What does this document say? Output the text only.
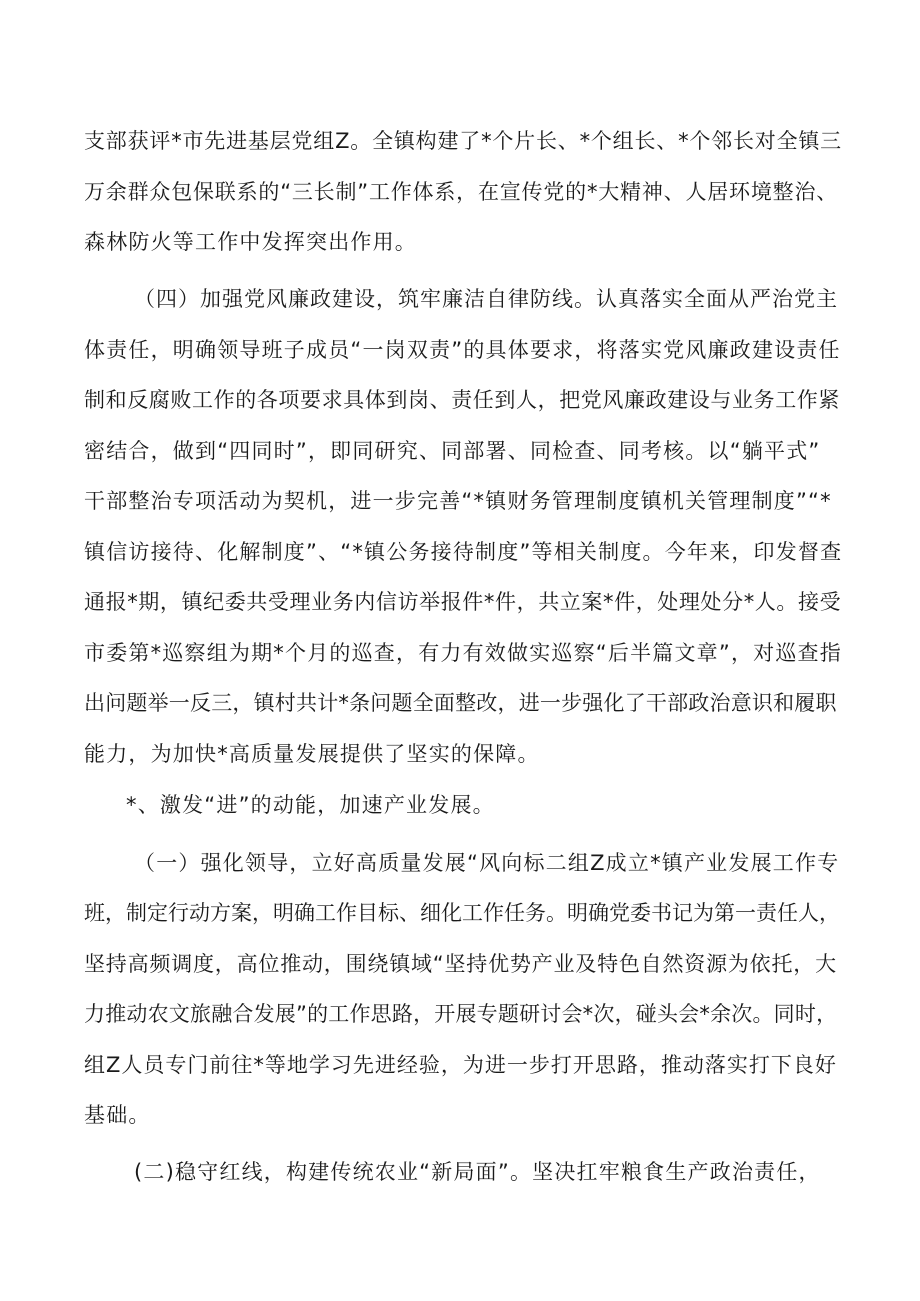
支部获评*市先进基层党组Z。全镇构建了*个片长、*个组长、*个邻长对全镇三
万余群众包保联系的“三长制”工作体系，在宣传党的*大精神、人居环境整治、
森林防火等工作中发挥突出作用。
（四）加强党风廉政建设，筑牢廉洁自律防线。认真落实全面从严治党主
体责任，明确领导班子成员“一岗双责”的具体要求，将落实党风廉政建设责任
制和反腐败工作的各项要求具体到岗、责任到人，把党风廉政建设与业务工作紧
密结合，做到“四同时”，即同研究、同部署、同检查、同考核。以“躺平式”
干部整治专项活动为契机，进一步完善“*镇财务管理制度镇机关管理制度”“*
镇信访接待、化解制度”、“*镇公务接待制度”等相关制度。今年来，印发督查
通报*期，镇纪委共受理业务内信访举报件*件，共立案*件，处理处分*人。接受
市委第*巡察组为期*个月的巡查，有力有效做实巡察“后半篇文章”，对巡查指
出问题举一反三，镇村共计*条问题全面整改，进一步强化了干部政治意识和履职
能力，为加快*高质量发展提供了坚实的保障。
*、激发“进”的动能，加速产业发展。
（一）强化领导，立好高质量发展“风向标二组Z成立*镇产业发展工作专
班，制定行动方案，明确工作目标、细化工作任务。明确党委书记为第一责任人，
坚持高频调度，高位推动，围绕镇域“坚持优势产业及特色自然资源为依托，大
力推动农文旅融合发展”的工作思路，开展专题研讨会*次，碰头会*余次。同时，
组Z人员专门前往*等地学习先进经验，为进一步打开思路，推动落实打下良好
基础。
(二)稳守红线，构建传统农业“新局面”。坚决扛牢粮食生产政治责任，
